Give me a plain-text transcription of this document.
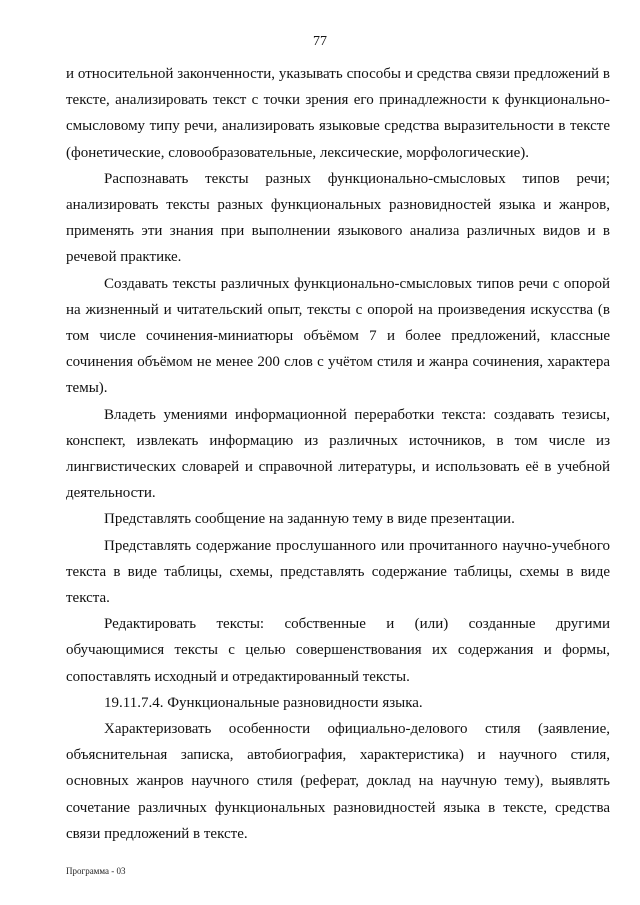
77

и относительной законченности, указывать способы и средства связи предложений в тексте, анализировать текст с точки зрения его принадлежности к функционально-смысловому типу речи, анализировать языковые средства выразительности в тексте (фонетические, словообразовательные, лексические, морфологические).

Распознавать тексты разных функционально-смысловых типов речи; анализировать тексты разных функциональных разновидностей языка и жанров, применять эти знания при выполнении языкового анализа различных видов и в речевой практике.

Создавать тексты различных функционально-смысловых типов речи с опорой на жизненный и читательский опыт, тексты с опорой на произведения искусства (в том числе сочинения-миниатюры объёмом 7 и более предложений, классные сочинения объёмом не менее 200 слов с учётом стиля и жанра сочинения, характера темы).

Владеть умениями информационной переработки текста: создавать тезисы, конспект, извлекать информацию из различных источников, в том числе из лингвистических словарей и справочной литературы, и использовать её в учебной деятельности.

Представлять сообщение на заданную тему в виде презентации.

Представлять содержание прослушанного или прочитанного научно-учебного текста в виде таблицы, схемы, представлять содержание таблицы, схемы в виде текста.

Редактировать тексты: собственные и (или) созданные другими обучающимися тексты с целью совершенствования их содержания и формы, сопоставлять исходный и отредактированный тексты.

19.11.7.4. Функциональные разновидности языка.

Характеризовать особенности официально-делового стиля (заявление, объяснительная записка, автобиография, характеристика) и научного стиля, основных жанров научного стиля (реферат, доклад на научную тему), выявлять сочетание различных функциональных разновидностей языка в тексте, средства связи предложений в тексте.

Программа - 03
